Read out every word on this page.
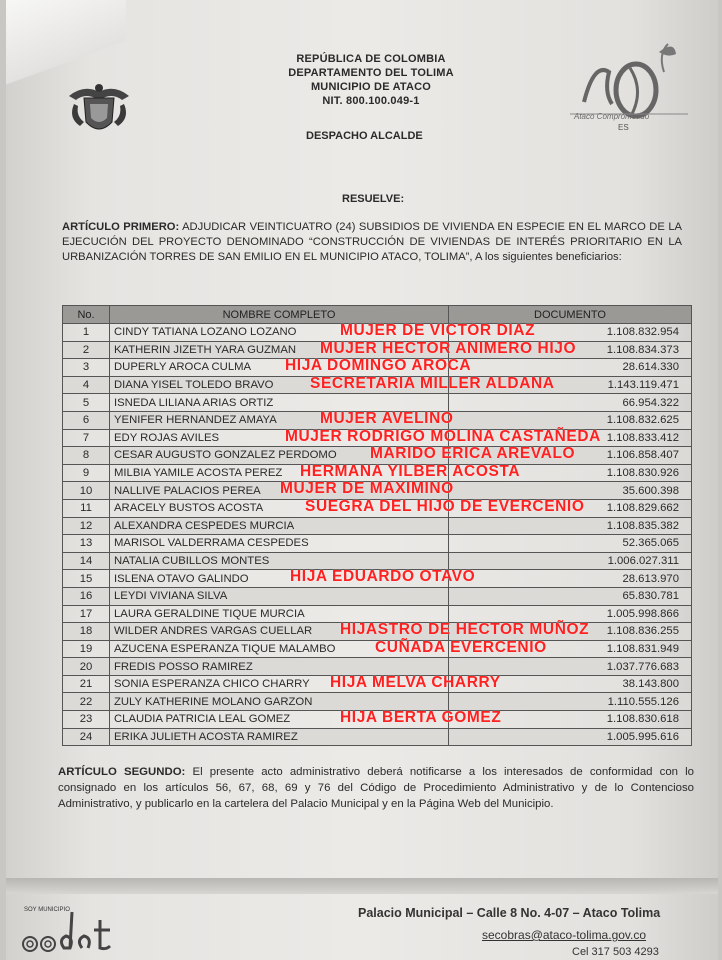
REPÚBLICA DE COLOMBIA
DEPARTAMENTO DEL TOLIMA
MUNICIPIO DE ATACO
NIT. 800.100.049-1
DESPACHO ALCALDE
Ataco Comprometido
ES
RESUELVE:
ARTÍCULO PRIMERO: ADJUDICAR VEINTICUATRO (24) SUBSIDIOS DE VIVIENDA EN ESPECIE EN EL MARCO DE LA EJECUCIÓN DEL PROYECTO DENOMINADO “CONSTRUCCIÓN DE VIVIENDAS DE INTERÉS PRIORITARIO EN LA URBANIZACIÓN TORRES DE SAN EMILIO EN EL MUNICIPIO ATACO, TOLIMA”, A los siguientes beneficiarios:
No.	NOMBRE COMPLETO	DOCUMENTO
1	CINDY TATIANA LOZANO LOZANO MUJER DE VICTOR DIAZ	1.108.832.954
2	KATHERIN JIZETH YARA GUZMAN MUJER HECTOR ANIMERO HIJO	1.108.834.373
3	DUPERLY AROCA CULMA HIJA DOMINGO AROCA	28.614.330
4	DIANA YISEL TOLEDO BRAVO SECRETARIA MILLER ALDANA	1.143.119.471
5	ISNEDA LILIANA ARIAS ORTIZ	66.954.322
6	YENIFER HERNANDEZ AMAYA MUJER AVELINO	1.108.832.625
7	EDY ROJAS AVILES MUJER RODRIGO MOLINA CASTAÑEDA	1.108.833.412
8	CESAR AUGUSTO GONZALEZ PERDOMO MARIDO ERICA AREVALO	1.106.858.407
9	MILBIA YAMILE ACOSTA PEREZ HERMANA YILBER ACOSTA	1.108.830.926
10	NALLIVE PALACIOS PEREA MUJER DE MAXIMINO	35.600.398
11	ARACELY BUSTOS ACOSTA SUEGRA DEL HIJO DE EVERCENIO	1.108.829.662
12	ALEXANDRA CESPEDES MURCIA	1.108.835.382
13	MARISOL VALDERRAMA CESPEDES	52.365.065
14	NATALIA CUBILLOS MONTES	1.006.027.311
15	ISLENA OTAVO GALINDO HIJA EDUARDO OTAVO	28.613.970
16	LEYDI VIVIANA SILVA	65.830.781
17	LAURA GERALDINE TIQUE MURCIA	1.005.998.866
18	WILDER ANDRES VARGAS CUELLAR HIJASTRO DE HECTOR MUÑOZ	1.108.836.255
19	AZUCENA ESPERANZA TIQUE MALAMBO CUÑADA EVERCENIO	1.108.831.949
20	FREDIS POSSO RAMIREZ	1.037.776.683
21	SONIA ESPERANZA CHICO CHARRY HIJA MELVA CHARRY	38.143.800
22	ZULY KATHERINE MOLANO GARZON	1.110.555.126
23	CLAUDIA PATRICIA LEAL GOMEZ HIJA BERTA GOMEZ	1.108.830.618
24	ERIKA JULIETH ACOSTA RAMIREZ	1.005.995.616
ARTÍCULO SEGUNDO: El presente acto administrativo deberá notificarse a los interesados de conformidad con lo consignado en los artículos 56, 67, 68, 69 y 76 del Código de Procedimiento Administrativo y de lo Contencioso Administrativo, y publicarlo en la cartelera del Palacio Municipal y en la Página Web del Municipio.
SOY MUNICIPIO	Palacio Municipal – Calle 8 No. 4-07 – Ataco Tolima
secobras@ataco-tolima.gov.co
Cel 317 503 4293
